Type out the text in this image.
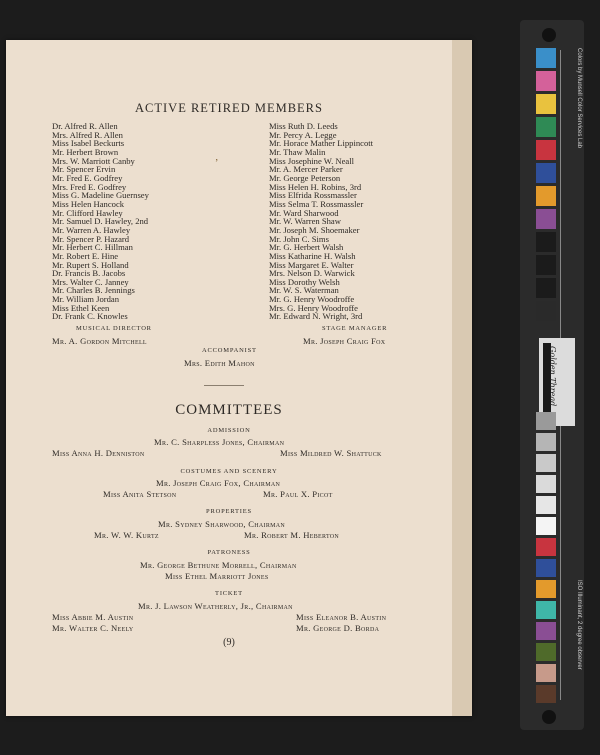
ACTIVE RETIRED MEMBERS
’
Dr. Alfred R. Allen
Mrs. Alfred R. Allen
Miss Isabel Beckurts
Mr. Herbert Brown
Mrs. W. Marriott Canby
Mr. Spencer Ervin
Mr. Fred E. Godfrey
Mrs. Fred E. Godfrey
Miss G. Madeline Guernsey
Miss Helen Hancock
Mr. Clifford Hawley
Mr. Samuel D. Hawley, 2nd
Mr. Warren A. Hawley
Mr. Spencer P. Hazard
Mr. Herbert C. Hillman
Mr. Robert E. Hine
Mr. Rupert S. Holland
Dr. Francis B. Jacobs
Mrs. Walter C. Janney
Mr. Charles B. Jennings
Mr. William Jordan
Miss Ethel Keen
Dr. Frank C. Knowles
Miss Ruth D. Leeds
Mr. Percy A. Legge
Mr. Horace Mather Lippincott
Mr. Thaw Malin
Miss Josephine W. Neall
Mr. A. Mercer Parker
Mr. George Peterson
Miss Helen H. Robins, 3rd
Miss Elfrida Rossmassler
Miss Selma T. Rossmassler
Mr. Ward Sharwood
Mr. W. Warren Shaw
Mr. Joseph M. Shoemaker
Mr. John C. Sims
Mr. G. Herbert Walsh
Miss Katharine H. Walsh
Miss Margaret E. Walter
Mrs. Nelson D. Warwick
Miss Dorothy Welsh
Mr. W. S. Waterman
Mr. G. Henry Woodroffe
Mrs. G. Henry Woodroffe
Mr. Edward N. Wright, 3rd
MUSICAL DIRECTOR
Mr. A. Gordon Mitchell
STAGE MANAGER
Mr. Joseph Craig Fox
ACCOMPANIST
Mrs. Edith Mahon
COMMITTEES
ADMISSION
Mr. C. Sharpless Jones, Chairman
Miss Anna H. Denniston	Miss Mildred W. Shattuck
COSTUMES AND SCENERY
Mr. Joseph Craig Fox, Chairman
Miss Anita Stetson	Mr. Paul X. Picot
PROPERTIES
Mr. Sydney Sharwood, Chairman
Mr. W. W. Kurtz	Mr. Robert M. Heberton
PATRONESS
Mr. George Bethune Morrell, Chairman
Miss Ethel Marriott Jones
TICKET
Mr. J. Lawson Weatherly, Jr., Chairman
Miss Abbie M. Austin	Miss Eleanor B. Austin
Mr. Walter C. Neely	Mr. George D. Borda
(9)
Golden Thread
Colors by Munsell Color Services Lab
ISO Illuminant, 2 degree observer
